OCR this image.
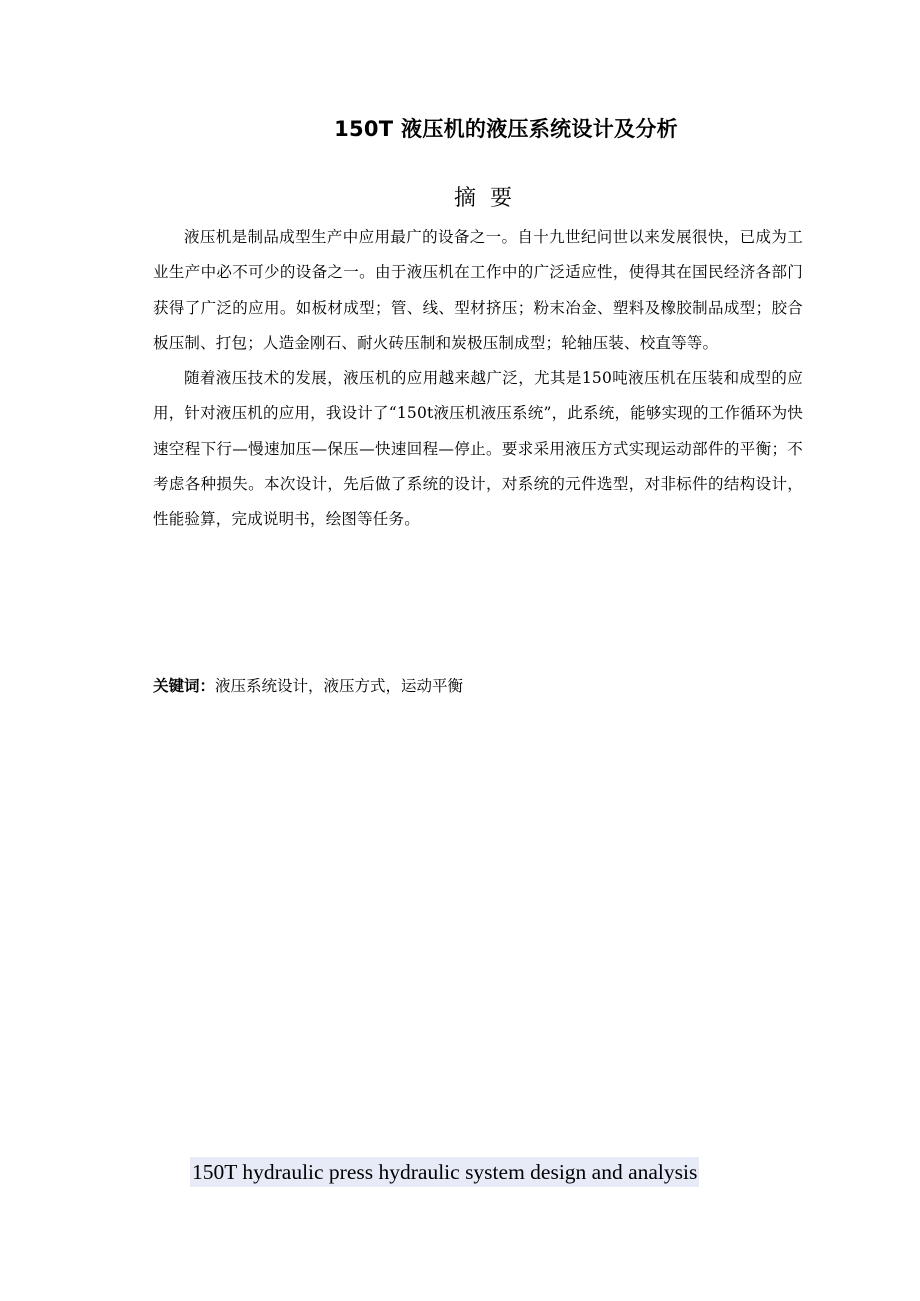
150T 液压机的液压系统设计及分析
摘 要

液压机是制品成型生产中应用最广的设备之一。自十九世纪问世以来发展很快，已成为工业生产中必不可少的设备之一。由于液压机在工作中的广泛适应性，使得其在国民经济各部门获得了广泛的应用。如板材成型；管、线、型材挤压；粉末冶金、塑料及橡胶制品成型；胶合板压制、打包；人造金刚石、耐火砖压制和炭极压制成型；轮轴压装、校直等等。

随着液压技术的发展，液压机的应用越来越广泛，尤其是150吨液压机在压装和成型的应用，针对液压机的应用，我设计了“150t液压机液压系统”，此系统，能够实现的工作循环为快速空程下行—慢速加压—保压—快速回程—停止。要求采用液压方式实现运动部件的平衡；不考虑各种损失。本次设计，先后做了系统的设计，对系统的元件选型，对非标件的结构设计，性能验算，完成说明书，绘图等任务。

关键词：液压系统设计，液压方式，运动平衡
150T hydraulic press hydraulic system design and analysis
